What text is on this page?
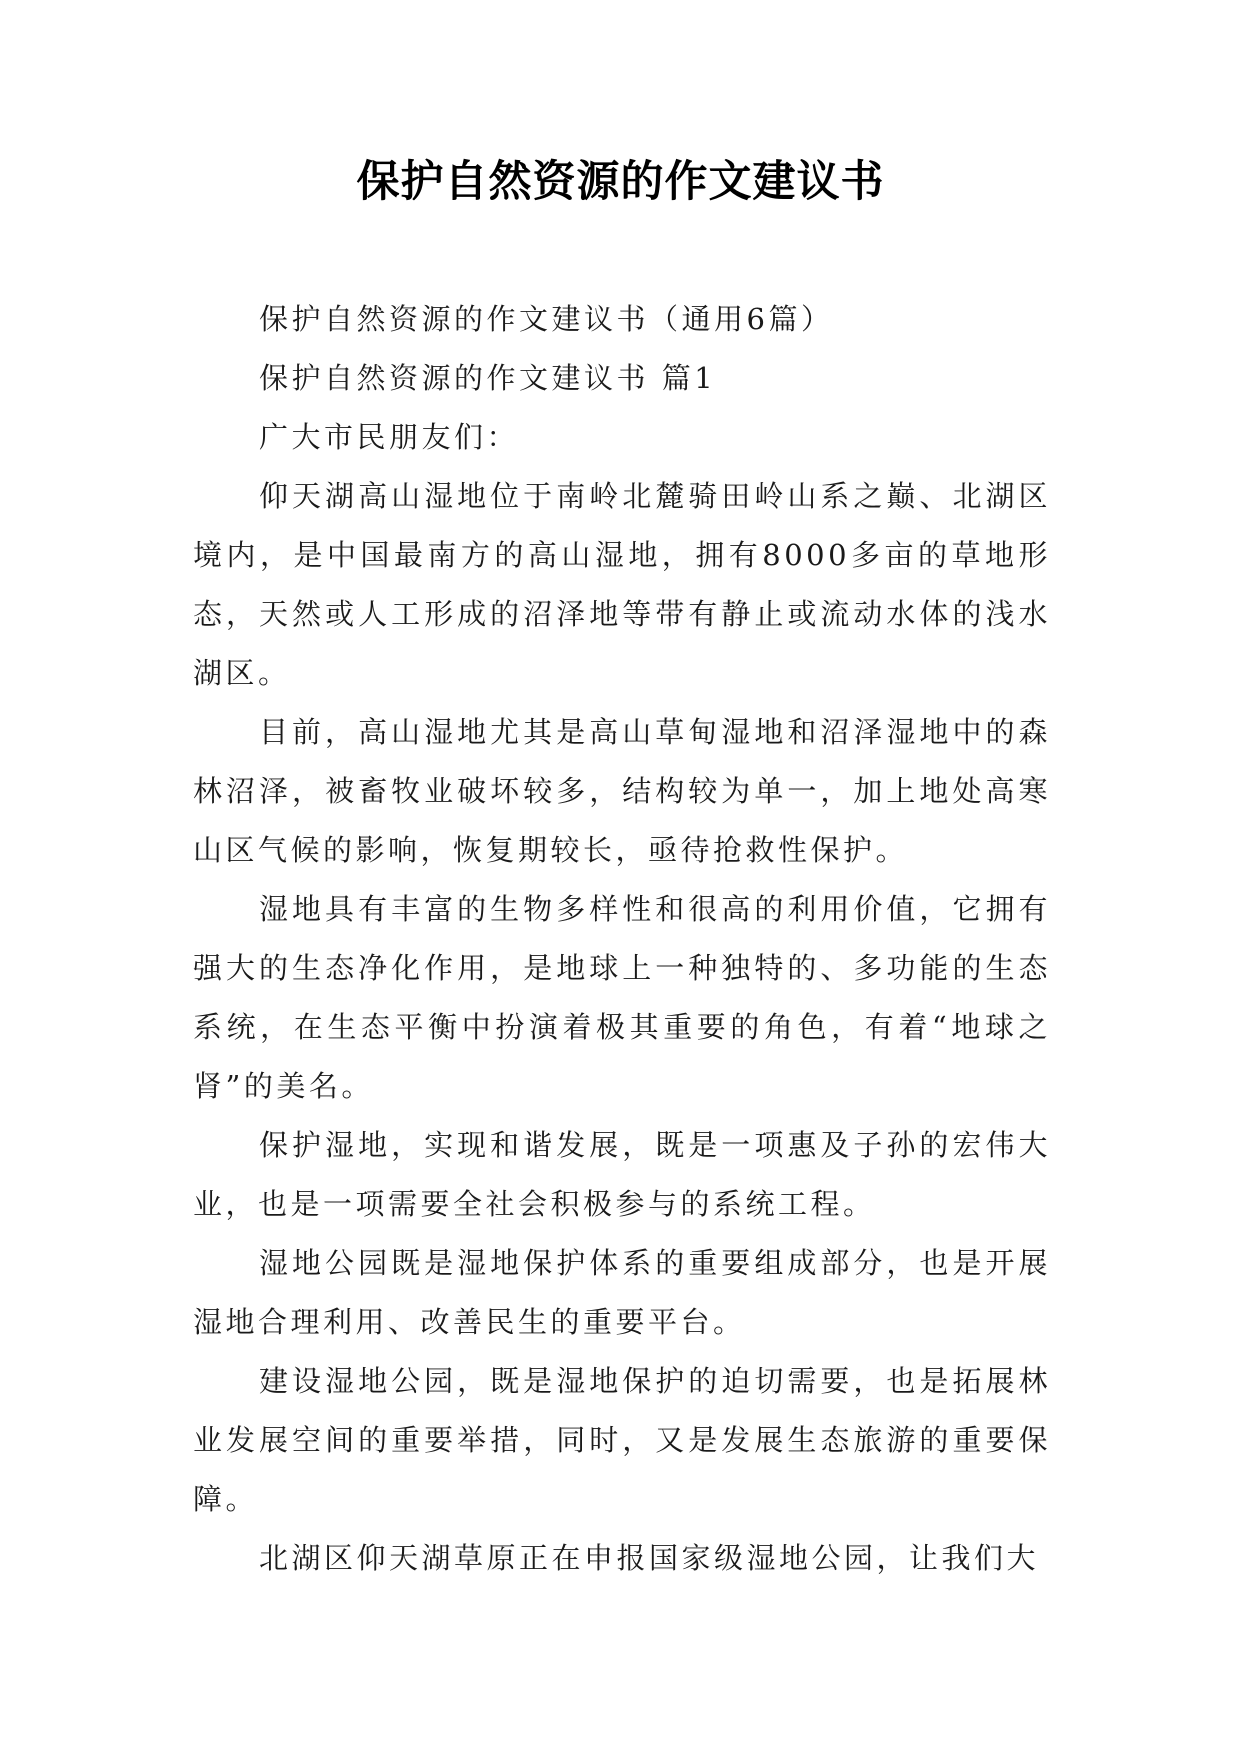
保护自然资源的作文建议书

保护自然资源的作文建议书（通用6篇）

保护自然资源的作文建议书 篇1

广大市民朋友们：

仰天湖高山湿地位于南岭北麓骑田岭山系之巅、北湖区境内，是中国最南方的高山湿地，拥有8000多亩的草地形态，天然或人工形成的沼泽地等带有静止或流动水体的浅水湖区。

目前，高山湿地尤其是高山草甸湿地和沼泽湿地中的森林沼泽，被畜牧业破坏较多，结构较为单一，加上地处高寒山区气候的影响，恢复期较长，亟待抢救性保护。

湿地具有丰富的生物多样性和很高的利用价值，它拥有强大的生态净化作用，是地球上一种独特的、多功能的生态系统，在生态平衡中扮演着极其重要的角色，有着“地球之肾”的美名。

保护湿地，实现和谐发展，既是一项惠及子孙的宏伟大业，也是一项需要全社会积极参与的系统工程。

湿地公园既是湿地保护体系的重要组成部分，也是开展湿地合理利用、改善民生的重要平台。

建设湿地公园，既是湿地保护的迫切需要，也是拓展林业发展空间的重要举措，同时，又是发展生态旅游的重要保障。

北湖区仰天湖草原正在申报国家级湿地公园，让我们大
